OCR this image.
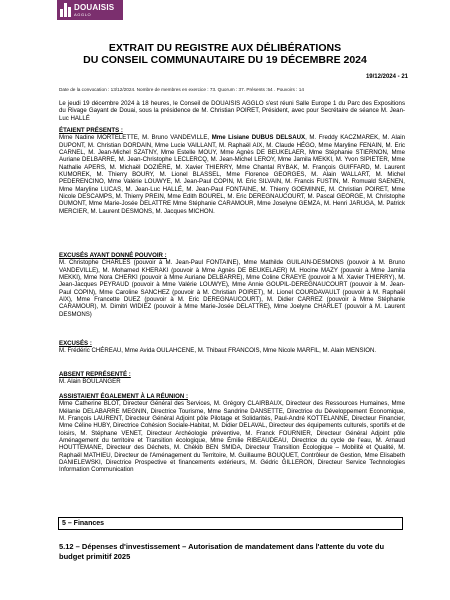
DOUAISIS
AGGLO
EXTRAIT DU REGISTRE AUX DÉLIBÉRATIONS
DU CONSEIL COMMUNAUTAIRE DU 19 DÉCEMBRE 2024
19/12/2024 - 21
Date de la convocation : 13/12/2024. Nombre de membres en exercice : 73. Quorum : 37. Présents :54 . Pouvoirs : 14

Le jeudi 19 décembre 2024 à 18 heures, le Conseil de DOUAISIS AGGLO s'est réuni Salle Europe 1 du Parc des Expositions du Rivage Gayant de Douai, sous la présidence de M. Christian POIRET, Président, avec pour Secrétaire de séance M. Jean-Luc HALLÉ

ÉTAIENT PRÉSENTS :

Mme Nadine MORTELETTE, M. Bruno VANDEVILLE, Mme Lisiane DUBUS DELSAUX, M. Freddy KACZMAREK, M. Alain DUPONT, M. Christian DORDAIN, Mme Lucie VAILLANT, M. Raphaël AIX, M. Claude HÉGO, Mme Maryline FENAIN, M. Eric CARNEL, M. Jean-Michel SZATNY, Mme Estelle MOUY, Mme Agnès DE BEUKELAER, Mme Stéphanie STIERNON, Mme Auriane DELBARRE, M. Jean-Christophe LECLERCQ, M. Jean-Michel LEROY, Mme Jamila MEKKI, M. Yvon SIPIETER, Mme Nathalie APERS, M. Michaël DOZIÈRE, M. Xavier THIERRY, Mme Chantal RYBAK, M. François GUIFFARD, M. Laurent KUMOREK, M. Thierry BOURY, M. Lionel BLASSEL, Mme Florence GEORGES, M. Alain WALLART, M. Michel PEDERENCINO, Mme Valérie LOUWYE, M. Jean-Paul COPIN, M. Eric SILVAIN, M. Francis FUSTIN, M. Romuald SAENEN, Mme Maryline LUCAS, M. Jean-Luc HALLÉ, M. Jean-Paul FONTAINE, M. Thierry GOEMINNE, M. Christian POIRET, Mme Nicole DESCAMPS, M. Thierry PREIN, Mme Edith BOUREL, M. Eric DEREGNAUCOURT, M. Pascal GEORGE, M. Christophe DUMONT, Mme Marie-Josée DELATTRE Mme Stéphanie CARAMOUR, Mme Joselyne GEMZA, M. Henri JARUGA, M. Patrick MERCIER, M. Laurent DESMONS, M. Jacques MICHON.

EXCUSÉS AYANT DONNÉ POUVOIR :

M. Christophe CHARLES (pouvoir à M. Jean-Paul FONTAINE), Mme Mathilde GUILAIN-DESMONS (pouvoir à M. Bruno VANDEVILLE), M. Mohamed KHERAKI (pouvoir à Mme Agnès DE BEUKELAER) M. Hocine MAZY (pouvoir à Mme Jamila MEKKI), Mme Nora CHERKI (pouvoir à Mme Auriane DELBARRE), Mme Coline CRAEYE (pouvoir à M. Xavier THIERRY), M. Jean-Jacques PEYRAUD (pouvoir à Mme Valérie LOUWYE), Mme Annie GOUPIL-DEREGNAUCOURT (pouvoir à M. Jean-Paul COPIN), Mme Caroline SANCHEZ (pouvoir à M. Christian POIRET), M. Lionel COURDAVAULT (pouvoir à M. Raphaël AIX), Mme Francette DUEZ (pouvoir à M. Eric DEREGNAUCOURT), M. Didier CARREZ (pouvoir à Mme Stéphanie CARAMOUR), M. Dimitri WIDIEZ (pouvoir à Mme Marie-Josée DELATTRE), Mme Joelyne CHARLET (pouvoir à M. Laurent DESMONS)

EXCUSÉS :

M. Frédéric CHÉREAU, Mme Avida OULAHCENE, M. Thibaut FRANCOIS, Mme Nicole MARFIL, M. Alain MENSION.

ABSENT REPRÉSENTÉ :

M. Alain BOULANGER

ASSISTAIENT ÉGALEMENT À LA RÉUNION :

Mme Catherine BLOT, Directeur Général des Services, M. Grégory CLAIRBAUX, Directeur des Ressources Humaines, Mme Mélanie DELABARRE MEGNIN, Directrice Tourisme, Mme Sandrine DANSETTE, Directrice du Développement Economique, M. François LAURENT, Directeur Général Adjoint pôle Pilotage et Solidarités, Paul-André KOTTELANNE, Directeur Financier, Mme Céline HUBY, Directrice Cohésion Sociale-Habitat, M. Didier DELAVAL, Directeur des équipements culturels, sportifs et de loisirs, M. Stéphane VENET, Directeur Archéologie préventive, M. Franck FOURNIER, Directeur Général Adjoint pôle Aménagement du territoire et Transition écologique, Mme Émilie RIBEAUDEAU, Directrice du cycle de l'eau, M. Arnaud HOUTTEMANE, Directeur des Déchets, M. Chékib BEN SMIDA, Directeur Transition Écologique – Mobilité et Qualité, M. Raphaël MATHIEU, Directeur de l'Aménagement du Territoire, M. Guillaume BOUQUET, Contrôleur de Gestion, Mme Elisabeth DANIELEWSKI, Directrice Prospective et financements extérieurs, M. Gédric GILLERON, Directeur Service Technologies Information Communication

5 – Finances
5.12 – Dépenses d'investissement – Autorisation de mandatement dans l'attente du vote du budget primitif 2025
